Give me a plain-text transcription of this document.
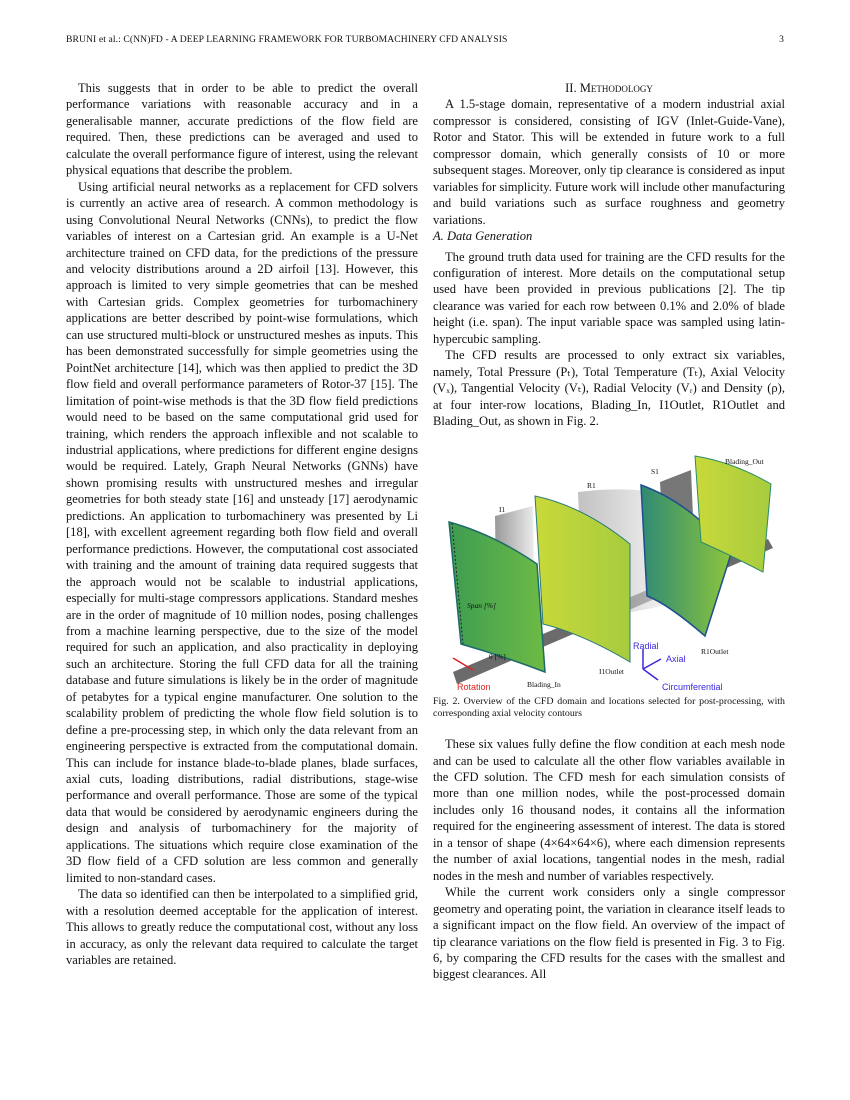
BRUNI et al.: C(NN)FD - A DEEP LEARNING FRAMEWORK FOR TURBOMACHINERY CFD ANALYSIS	3

This suggests that in order to be able to predict the overall performance variations with reasonable accuracy and in a generalisable manner, accurate predictions of the flow field are required. Then, these predictions can be averaged and used to calculate the overall performance figure of interest, using the relevant physical equations that describe the problem.

Using artificial neural networks as a replacement for CFD solvers is currently an active area of research. A common methodology is using Convolutional Neural Networks (CNNs), to predict the flow variables of interest on a Cartesian grid. An example is a U-Net architecture trained on CFD data, for the predictions of the pressure and velocity distributions around a 2D airfoil [13]. However, this approach is limited to very simple geometries that can be meshed with Cartesian grids. Complex geometries for turbomachinery applications are better described by point-wise formulations, which can use structured multi-block or unstructured meshes as inputs. This has been demonstrated successfully for simple geometries using the PointNet architecture [14], which was then applied to predict the 3D flow field and overall performance parameters of Rotor-37 [15]. The limitation of point-wise methods is that the 3D flow field predictions would need to be based on the same computational grid used for training, which renders the approach inflexible and not scalable to industrial applications, where predictions for different engine designs would be required. Lately, Graph Neural Networks (GNNs) have shown promising results with unstructured meshes and irregular geometries for both steady state [16] and unsteady [17] aerodynamic predictions. An application to turbomachinery was presented by Li [18], with excellent agreement regarding both flow field and overall performance predictions. However, the computational cost associated with training and the amount of training data required suggests that the approach would not be scalable to industrial applications, especially for multi-stage compressors applications. Standard meshes are in the order of magnitude of 10 million nodes, posing challenges from a machine learning perspective, due to the size of the model required for such an application, and also practicality in deploying such an architecture. Storing the full CFD data for all the training database and future simulations is likely be in the order of magnitude of petabytes for a typical engine manufacturer. One solution to the scalability problem of predicting the whole flow field solution is to define a pre-processing step, in which only the data relevant from an engineering perspective is extracted from the computational domain. This can include for instance blade-to-blade planes, blade surfaces, axial cuts, loading distributions, radial distributions, stage-wise performance and overall performance. Those are some of the typical data that would be considered by aerodynamic engineers during the design and analysis of turbomachinery for the majority of applications. The situations which require close examination of the 3D flow field of a CFD solution are less common and generally limited to non-standard cases.

The data so identified can then be interpolated to a simplified grid, with a resolution deemed acceptable for the application of interest. This allows to greatly reduce the computational cost, without any loss in accuracy, as only the relevant data required to calculate the target variables are retained.

II. Methodology

A 1.5-stage domain, representative of a modern industrial axial compressor is considered, consisting of IGV (Inlet-Guide-Vane), Rotor and Stator. This will be extended in future work to a full compressor domain, which generally consists of 10 or more subsequent stages. Moreover, only tip clearance is considered as input variables for simplicity. Future work will include other manufacturing and build variations such as surface roughness and geometry variations.

A. Data Generation

The ground truth data used for training are the CFD results for the configuration of interest. More details on the computational setup used have been provided in previous publications [2]. The tip clearance was varied for each row between 0.1% and 2.0% of blade height (i.e. span). The input variable space was sampled using latin-hypercubic sampling.

The CFD results are processed to only extract six variables, namely, Total Pressure (Pₜ), Total Temperature (Tₜ), Axial Velocity (Vₓ), Tangential Velocity (Vₜ), Radial Velocity (Vᵣ) and Density (ρ), at four inter-row locations, Blading_In, I1Outlet, R1Outlet and Blading_Out, as shown in Fig. 2.

I1
R1
S1
Blading_Out
Span [%]
θ [%]
Blading_In
I1Outlet
R1Outlet
Rotation
Radial
Axial
Circumferential
Fig. 2. Overview of the CFD domain and locations selected for post-processing, with corresponding axial velocity contours

These six values fully define the flow condition at each mesh node and can be used to calculate all the other flow variables available in the CFD solution. The CFD mesh for each simulation consists of more than one million nodes, while the post-processed domain includes only 16 thousand nodes, it contains all the information required for the engineering assessment of interest. The data is stored in a tensor of shape (4×64×64×6), where each dimension represents the number of axial locations, tangential nodes in the mesh, radial nodes in the mesh and number of variables respectively.

While the current work considers only a single compressor geometry and operating point, the variation in clearance itself leads to a significant impact on the flow field. An overview of the impact of tip clearance variations on the flow field is presented in Fig. 3 to Fig. 6, by comparing the CFD results for the cases with the smallest and biggest clearances. All
